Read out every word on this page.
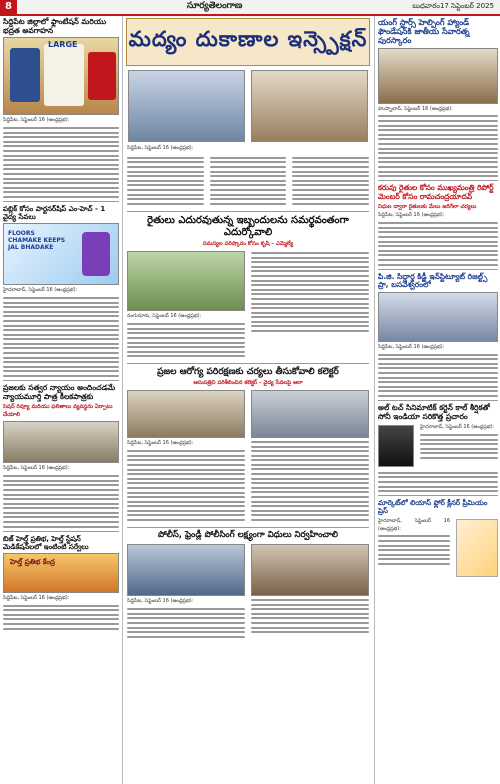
8	సూర్యతెలంగాణ	బుధవారం17 సెప్టెంబర్ 2025
సిద్దిపేట జిల్లాలో ఫ్లాంటేషన్ మరియు భద్రత అవగాహన
LARGE
సిద్దిపేట, సెప్టెంబర్ 16 (ఆంధ్రప్రభ):
పబ్లిక్ కోసం పార్టనర్‌షిప్ ఎం-హెచ్ - 1 వైద్య సేవలు
FLOORS CHAMAKE KEEPS JAL BHADAKE
హైదరాబాద్, సెప్టెంబర్ 16 (ఆంధ్రప్రభ):
ప్రజలకు సత్వర న్యాయం అందించడమే న్యాయమూర్తి పాత్ర కీలకపాత్రకు
సెషన్ రివ్యూ మరియు ఫలితాలు వ్యవస్థను ఏర్పాటు చేయాలి
సిద్దిపేట, సెప్టెంబర్ 16 (ఆంధ్రప్రభ):
బిజ్ హెల్త్ ప్రతిభ, హెల్త్ స్టేషన్ మెడికేషన్‌లలో ఇంటింటి సర్వేలు
హెల్త్ ప్రతిభ కేంద్ర
సిద్దిపేట, సెప్టెంబర్ 16 (ఆంధ్రప్రభ):
మద్యం దుకాణాల ఇన్స్పెక్షన్
సిద్దిపేట, సెప్టెంబర్ 16 (ఆంధ్రప్రభ):
రైతులు ఎదురవుతున్న ఇబ్బందులను సమర్థవంతంగా ఎదుర్కోవాలి
సమస్యల పరిష్కారం కోసం కృషి - ఎమ్మెల్యే
నంగునూరు, సెప్టెంబర్ 16 (ఆంధ్రప్రభ):
ప్రజల ఆరోగ్య పరిరక్షణకు చర్యలు తీసుకోవాలి కలెక్టర్
ఆసుపత్రిని పరిశీలించిన కలెక్టర్ - వైద్య సేవలపై ఆరా
సిద్దిపేట, సెప్టెంబర్ 16 (ఆంధ్రప్రభ):
పోలీస్, ఫ్రెండ్లీ పోలీసింగ్ లక్ష్యంగా విధులు నిర్వహించాలి
సిద్దిపేట, సెప్టెంబర్ 16 (ఆంధ్రప్రభ):
యంగ్ స్టార్స్ హెల్పింగ్ హ్యాండ్ ఫౌండేషన్‌కి జాతీయ సేవారత్న పురస్కారం
హుస్నాబాద్, సెప్టెంబర్ 16 (ఆంధ్రప్రభ):
కరువు రైతుల కోసం ముఖ్యమంత్రి రిపోర్ట్ మెంబర్ కోసం రామచంద్రయాదవ్
నిధుల ద్వారా రైతులకు మేలు జరిగేలా చర్యలు
సిద్దిపేట, సెప్టెంబర్ 16 (ఆంధ్రప్రభ):
పి.జి. సిద్దార్థ కిడ్జీ ఇన్‌స్టిట్యూట్ రిజల్ట్స్ ప్రా, బసవేశ్వరంలో
సిద్దిపేట, సెప్టెంబర్ 16 (ఆంధ్రప్రభ):
అల్ టచ్ సినిమాటిక్ కర్టెన్ కాల్ శీర్షికతో సోనీ ఇండియా సరికొత్త ప్రచారం
హైదరాబాద్, సెప్టెంబర్ 16 (ఆంధ్రప్రభ):
మార్కెట్‌లో లియాస్ ఫ్లోర్ క్లీనర్ ప్రీమియం ప్రెస్
హైదరాబాద్, సెప్టెంబర్ 16 (ఆంధ్రప్రభ):
